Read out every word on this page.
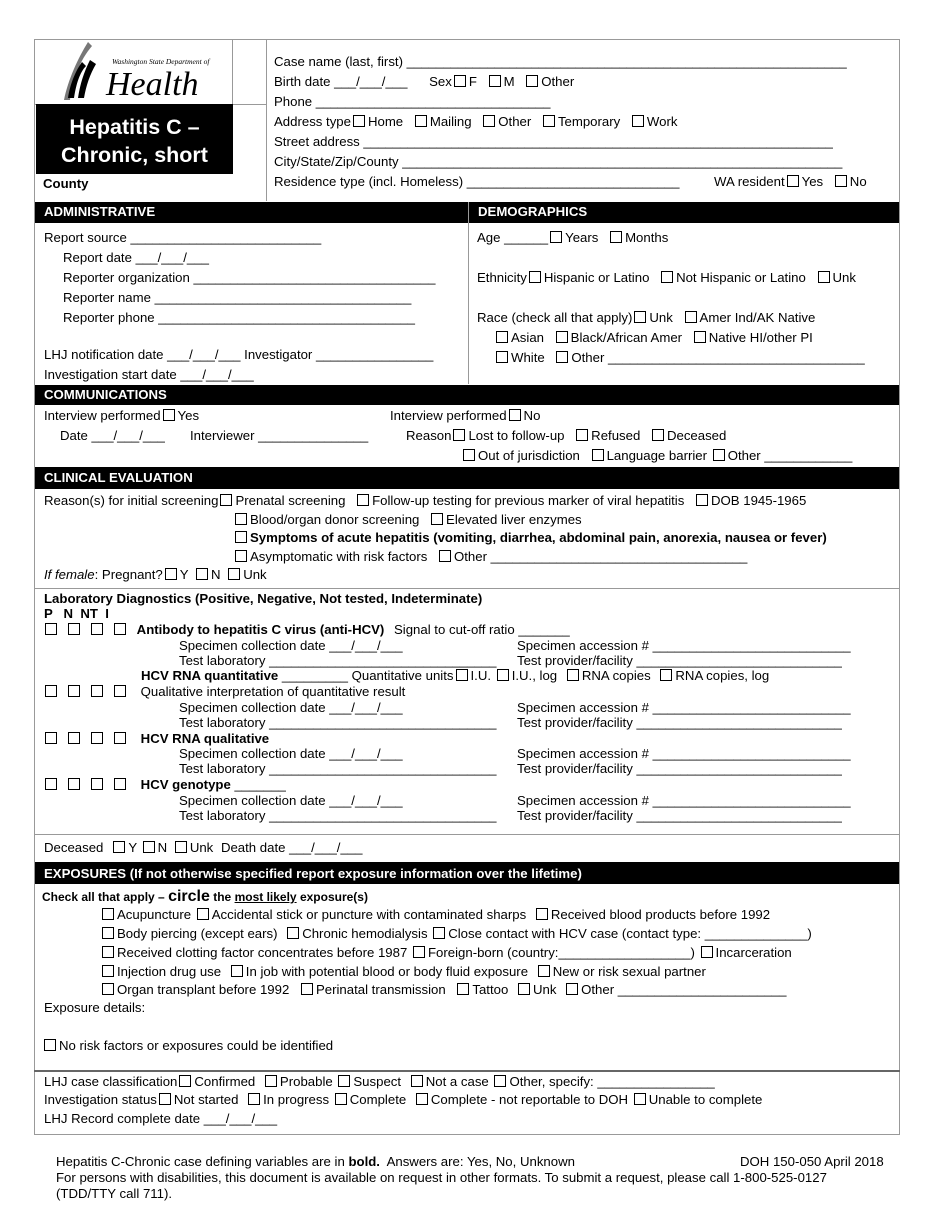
Washington State Department of
Health
Hepatitis C –
Chronic, short
County
Case name (last, first) ____________________________________________________________
Birth date ___/___/___ Sex F M Other
Phone ________________________________
Address type Home Mailing Other Temporary Work
Street address ________________________________________________________________
City/State/Zip/County ____________________________________________________________
Residence type (incl. Homeless) _____________________________	WA resident Yes No
ADMINISTRATIVE	DEMOGRAPHICS
Report source __________________________
Report date ___/___/___
Reporter organization _________________________________
Reporter name ___________________________________
Reporter phone ___________________________________
LHJ notification date ___/___/___ Investigator ________________
Investigation start date ___/___/___
Age ______ Years Months
Ethnicity Hispanic or Latino Not Hispanic or Latino Unk
Race (check all that apply) Unk Amer Ind/AK Native
Asian Black/African Amer Native HI/other PI
White Other ___________________________________
COMMUNICATIONS
Interview performed Yes	Interview performed No
Date ___/___/___ Interviewer _______________	Reason Lost to follow-up Refused Deceased
Out of jurisdiction Language barrier Other ____________
CLINICAL EVALUATION
Reason(s) for initial screening Prenatal screening Follow-up testing for previous marker of viral hepatitis DOB 1945-1965
Blood/organ donor screening Elevated liver enzymes
Symptoms of acute hepatitis (vomiting, diarrhea, abdominal pain, anorexia, nausea or fever)
Asymptomatic with risk factors Other ___________________________________
If female: Pregnant? Y N Unk
Laboratory Diagnostics (Positive, Negative, Not tested, Indeterminate)
P   N  NT  I
Antibody to hepatitis C virus (anti-HCV) Signal to cut-off ratio _______
Specimen collection date ___/___/___	Specimen accession # ___________________________
Test laboratory _______________________________ Test provider/facility ____________________________
HCV RNA quantitative _________ Quantitative units I.U. I.U., log RNA copies RNA copies, log
Qualitative interpretation of quantitative result
Specimen collection date ___/___/___	Specimen accession # ___________________________
Test laboratory _______________________________ Test provider/facility ____________________________
HCV RNA qualitative
Specimen collection date ___/___/___	Specimen accession # ___________________________
Test laboratory _______________________________ Test provider/facility ____________________________
HCV genotype _______
Specimen collection date ___/___/___	Specimen accession # ___________________________
Test laboratory _______________________________ Test provider/facility ____________________________
Deceased Y N Unk Death date ___/___/___
EXPOSURES (If not otherwise specified report exposure information over the lifetime)
Check all that apply – circle the most likely exposure(s)
Acupuncture Accidental stick or puncture with contaminated sharps Received blood products before 1992
Body piercing (except ears) Chronic hemodialysis Close contact with HCV case (contact type: ______________)
Received clotting factor concentrates before 1987 Foreign-born (country:__________________) Incarceration
Injection drug use In job with potential blood or body fluid exposure New or risk sexual partner
Organ transplant before 1992 Perinatal transmission Tattoo Unk Other _______________________
Exposure details:
No risk factors or exposures could be identified
LHJ case classification Confirmed Probable Suspect Not a case Other, specify: ________________
Investigation status Not started In progress Complete Complete - not reportable to DOH Unable to complete
LHJ Record complete date ___/___/___
Hepatitis C-Chronic case defining variables are in bold.  Answers are: Yes, No, Unknown	DOH 150-050 April 2018
For persons with disabilities, this document is available on request in other formats. To submit a request, please call 1-800-525-0127
(TDD/TTY call 711).
